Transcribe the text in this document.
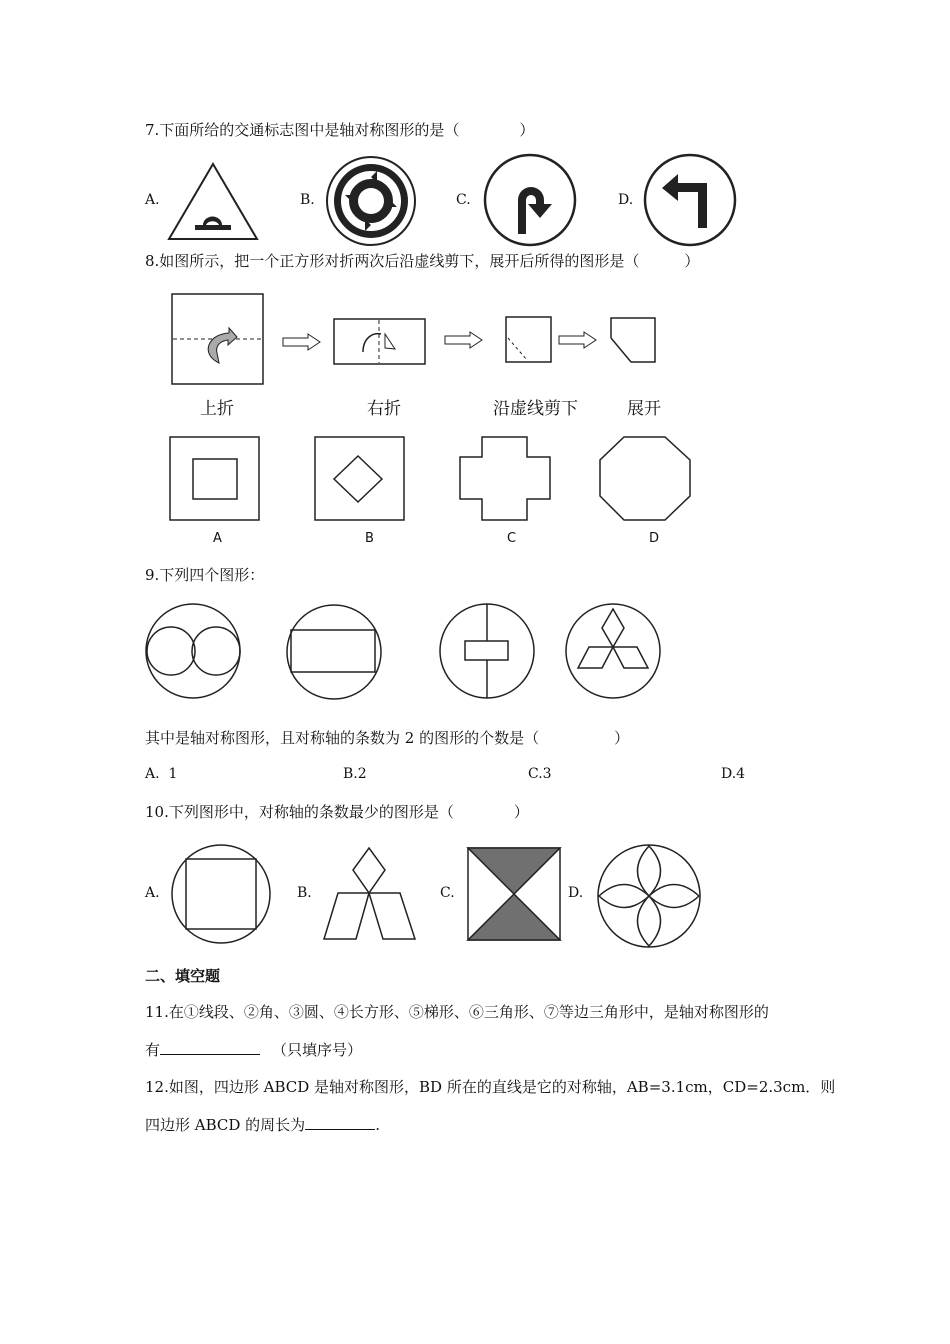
7.下面所给的交通标志图中是轴对称图形的是（　　　　）
A.	B.	C.	D.
8.如图所示，把一个正方形对折两次后沿虚线剪下，展开后所得的图形是（　　　）
上折	右折	沿虚线剪下	展开
A	B	C	D
9.下列四个图形：
其中是轴对称图形，且对称轴的条数为 2 的图形的个数是（　　　　　）
A.  1	B.2	C.3	D.4
10.下列图形中，对称轴的条数最少的图形是（　　　　）
A.	B.	C.	D.
二、填空题
11.在①线段、②角、③圆、④长方形、⑤梯形、⑥三角形、⑦等边三角形中，是轴对称图形的
有	（只填序号）
12.如图，四边形 ABCD 是轴对称图形，BD 所在的直线是它的对称轴，AB=3.1cm，CD=2.3cm．则
四边形 ABCD 的周长为	.
